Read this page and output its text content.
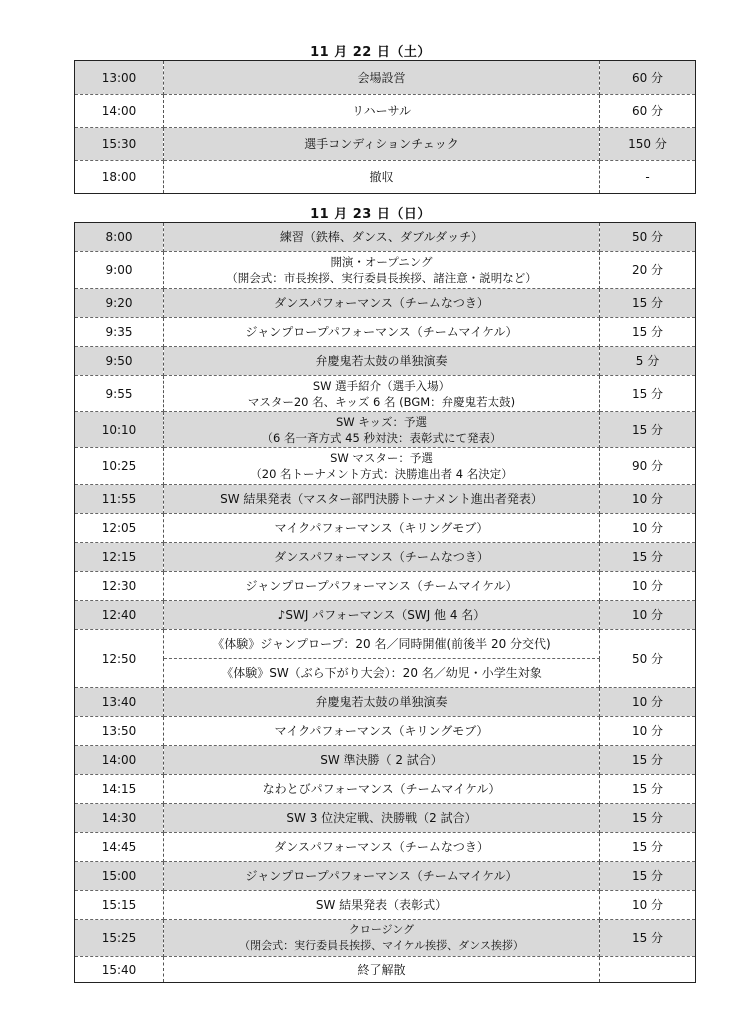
11 月 22 日（土）
13:00	会場設営	60 分
14:00	リハーサル	60 分
15:30	選手コンディションチェック	150 分
18:00	撤収	-
11 月 23 日（日）
8:00	練習（鉄棒、ダンス、ダブルダッチ）	50 分
9:00	開演・オープニング
（開会式：市長挨拶、実行委員長挨拶、諸注意・説明など）	20 分
9:20	ダンスパフォーマンス（チームなつき）	15 分
9:35	ジャンプロープパフォーマンス（チームマイケル）	15 分
9:50	弁慶鬼若太鼓の単独演奏	5 分
9:55	SW 選手紹介（選手入場）
マスター20 名、キッズ 6 名 (BGM：弁慶鬼若太鼓)	15 分
10:10	SW キッズ：予選
（6 名一斉方式 45 秒対決：表彰式にて発表）	15 分
10:25	SW マスター：予選
（20 名トーナメント方式：決勝進出者 4 名決定）	90 分
11:55	SW 結果発表（マスター部門決勝トーナメント進出者発表）	10 分
12:05	マイクパフォーマンス（キリングモブ）	10 分
12:15	ダンスパフォーマンス（チームなつき）	15 分
12:30	ジャンプロープパフォーマンス（チームマイケル）	10 分
12:40	♪SWJ パフォーマンス（SWJ 他 4 名）	10 分
12:50	《体験》ジャンプロープ：20 名／同時開催(前後半 20 分交代)	50 分
	《体験》SW（ぶら下がり大会）：20 名／幼児・小学生対象	
13:40	弁慶鬼若太鼓の単独演奏	10 分
13:50	マイクパフォーマンス（キリングモブ）	10 分
14:00	SW 準決勝（ 2 試合）	15 分
14:15	なわとびパフォーマンス（チームマイケル）	15 分
14:30	SW 3 位決定戦、決勝戦（2 試合）	15 分
14:45	ダンスパフォーマンス（チームなつき）	15 分
15:00	ジャンプロープパフォーマンス（チームマイケル）	15 分
15:15	SW 結果発表（表彰式）	10 分
15:25	クロージング
（閉会式：実行委員長挨拶、マイケル挨拶、ダンス挨拶）	15 分
15:40	終了解散	
